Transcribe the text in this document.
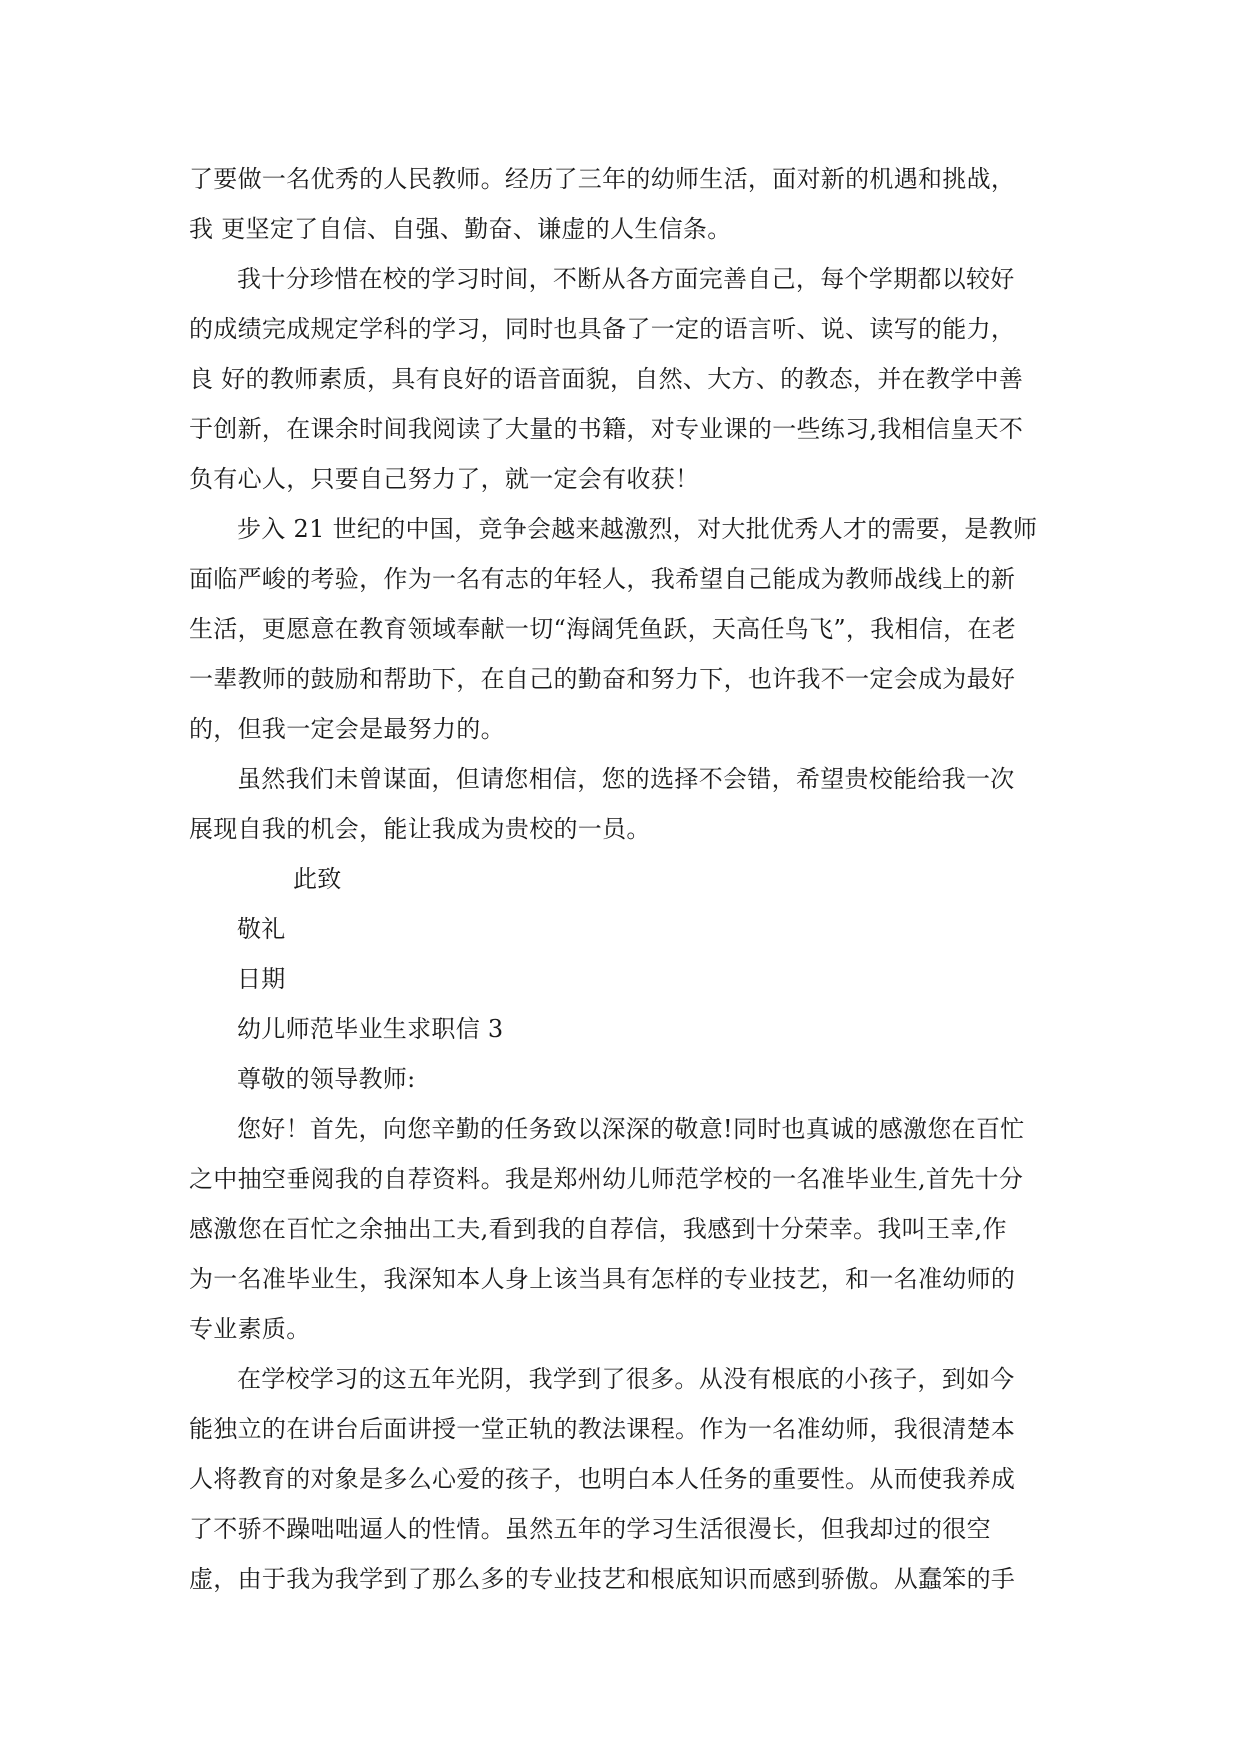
了要做一名优秀的人民教师。经历了三年的幼师生活，面对新的机遇和挑战，
我 更坚定了自信、自强、勤奋、谦虚的人生信条。
我十分珍惜在校的学习时间，不断从各方面完善自己，每个学期都以较好
的成绩完成规定学科的学习，同时也具备了一定的语言听、说、读写的能力，
良 好的教师素质，具有良好的语音面貌，自然、大方、的教态，并在教学中善
于创新，在课余时间我阅读了大量的书籍，对专业课的一些练习,我相信皇天不
负有心人，只要自己努力了，就一定会有收获！
步入 21 世纪的中国，竞争会越来越激烈，对大批优秀人才的需要，是教师
面临严峻的考验，作为一名有志的年轻人，我希望自己能成为教师战线上的新
生活，更愿意在教育领域奉献一切“海阔凭鱼跃，天高任鸟飞”，我相信，在老
一辈教师的鼓励和帮助下，在自己的勤奋和努力下，也许我不一定会成为最好
的，但我一定会是最努力的。
虽然我们未曾谋面，但请您相信，您的选择不会错，希望贵校能给我一次
展现自我的机会，能让我成为贵校的一员。
此致
敬礼
日期
幼儿师范毕业生求职信 3
尊敬的领导教师:
您好！首先，向您辛勤的任务致以深深的敬意!同时也真诚的感激您在百忙
之中抽空垂阅我的自荐资料。我是郑州幼儿师范学校的一名准毕业生,首先十分
感激您在百忙之余抽出工夫,看到我的自荐信，我感到十分荣幸。我叫王幸,作
为一名准毕业生，我深知本人身上该当具有怎样的专业技艺，和一名准幼师的
专业素质。
在学校学习的这五年光阴，我学到了很多。从没有根底的小孩子，到如今
能独立的在讲台后面讲授一堂正轨的教法课程。作为一名准幼师，我很清楚本
人将教育的对象是多么心爱的孩子，也明白本人任务的重要性。从而使我养成
了不骄不躁咄咄逼人的性情。虽然五年的学习生活很漫长，但我却过的很空
虚，由于我为我学到了那么多的专业技艺和根底知识而感到骄傲。从蠢笨的手
